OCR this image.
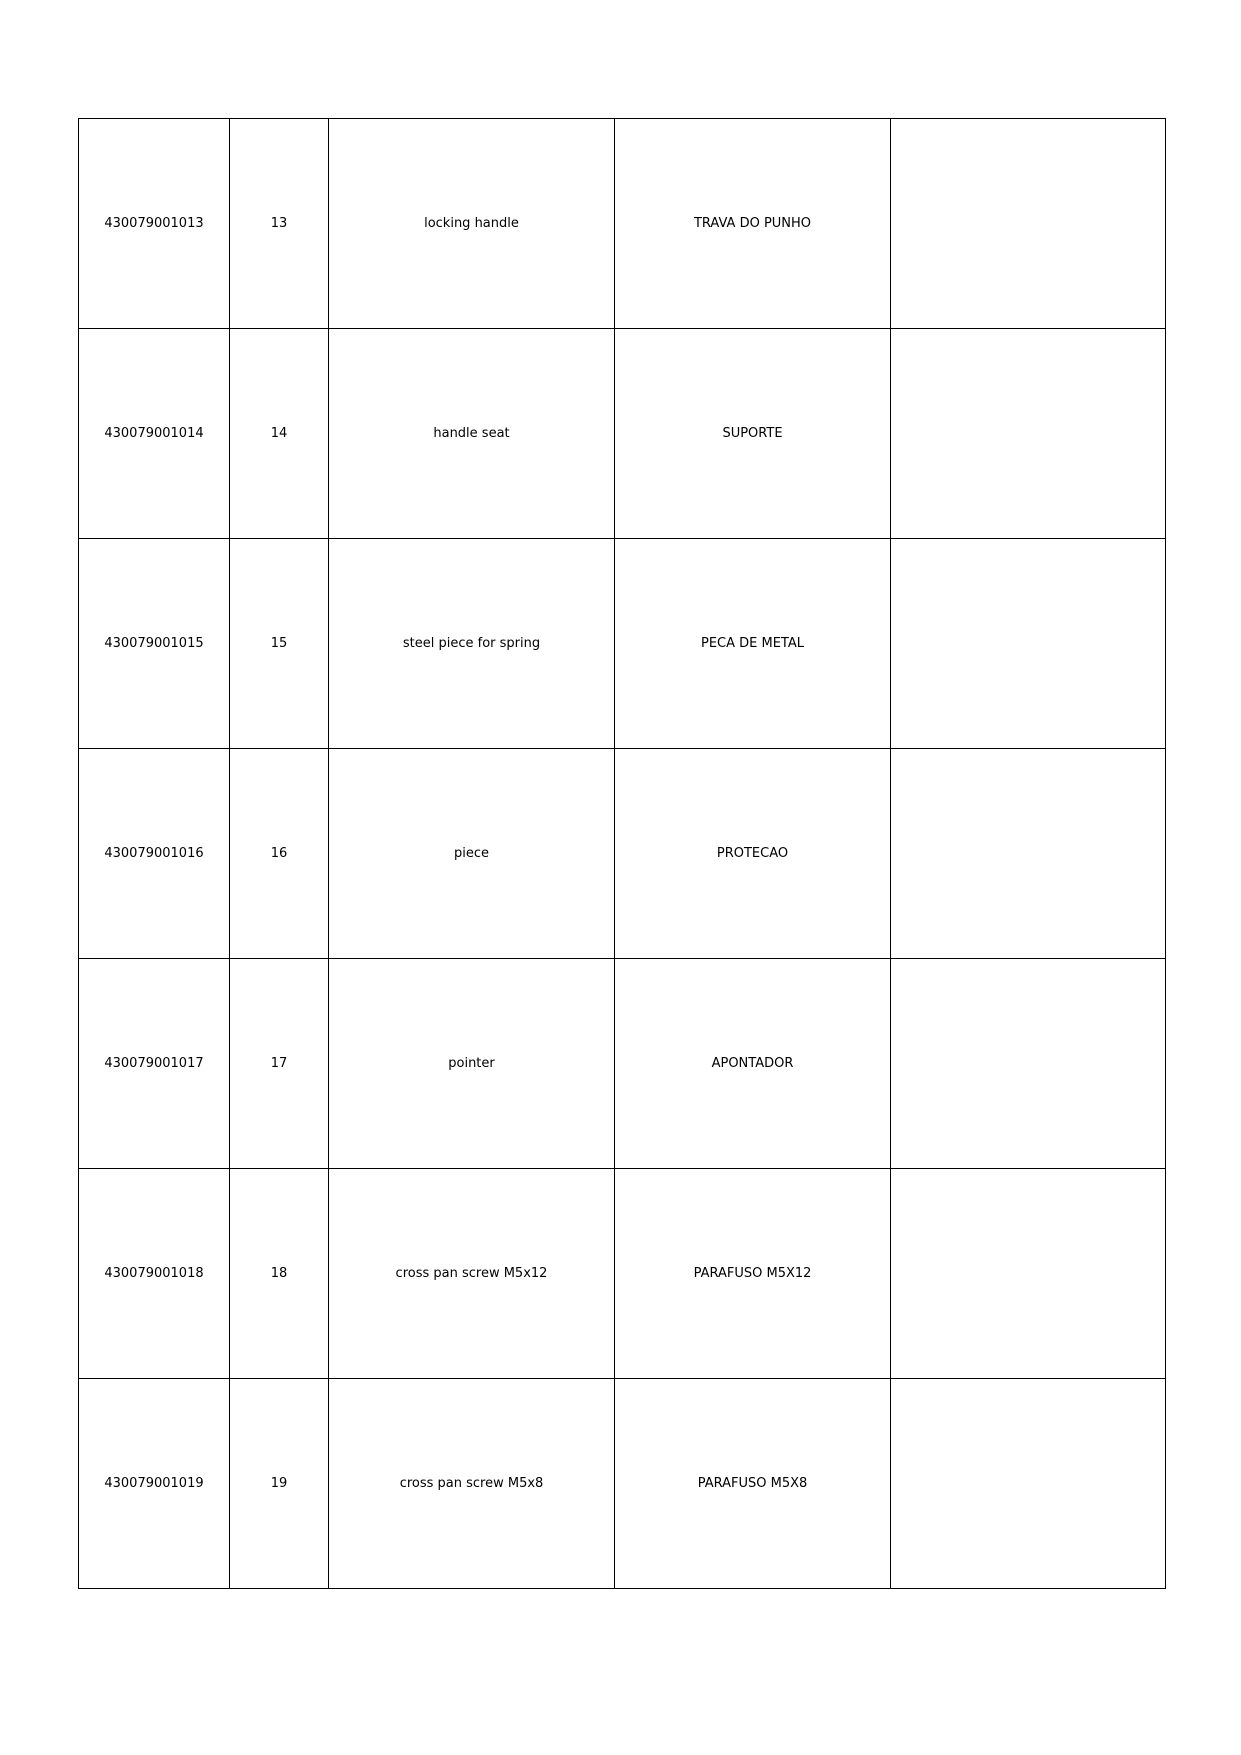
430079001013	13	locking handle	TRAVA DO PUNHO	
430079001014	14	handle seat	SUPORTE	
430079001015	15	steel piece for spring	PECA DE METAL	
430079001016	16	piece	PROTECAO	
430079001017	17	pointer	APONTADOR	
430079001018	18	cross pan screw M5x12	PARAFUSO M5X12	
430079001019	19	cross pan screw M5x8	PARAFUSO M5X8	
